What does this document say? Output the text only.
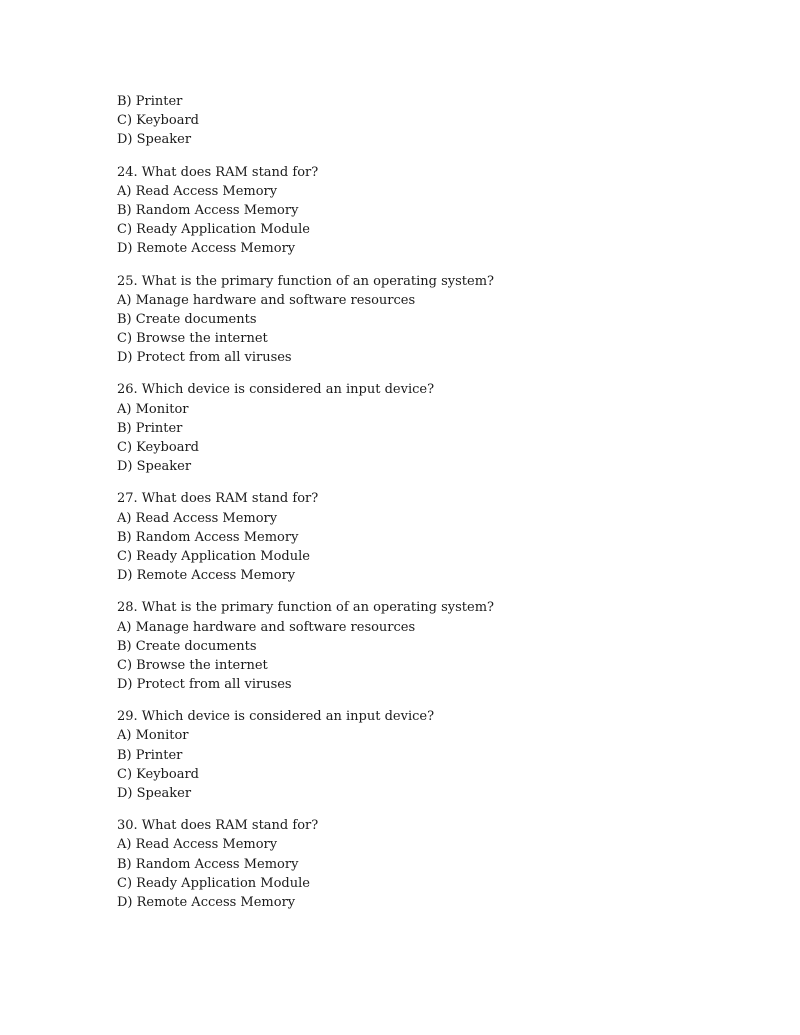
B) Printer
C) Keyboard
D) Speaker
24. What does RAM stand for?
A) Read Access Memory
B) Random Access Memory
C) Ready Application Module
D) Remote Access Memory
25. What is the primary function of an operating system?
A) Manage hardware and software resources
B) Create documents
C) Browse the internet
D) Protect from all viruses
26. Which device is considered an input device?
A) Monitor
B) Printer
C) Keyboard
D) Speaker
27. What does RAM stand for?
A) Read Access Memory
B) Random Access Memory
C) Ready Application Module
D) Remote Access Memory
28. What is the primary function of an operating system?
A) Manage hardware and software resources
B) Create documents
C) Browse the internet
D) Protect from all viruses
29. Which device is considered an input device?
A) Monitor
B) Printer
C) Keyboard
D) Speaker
30. What does RAM stand for?
A) Read Access Memory
B) Random Access Memory
C) Ready Application Module
D) Remote Access Memory
